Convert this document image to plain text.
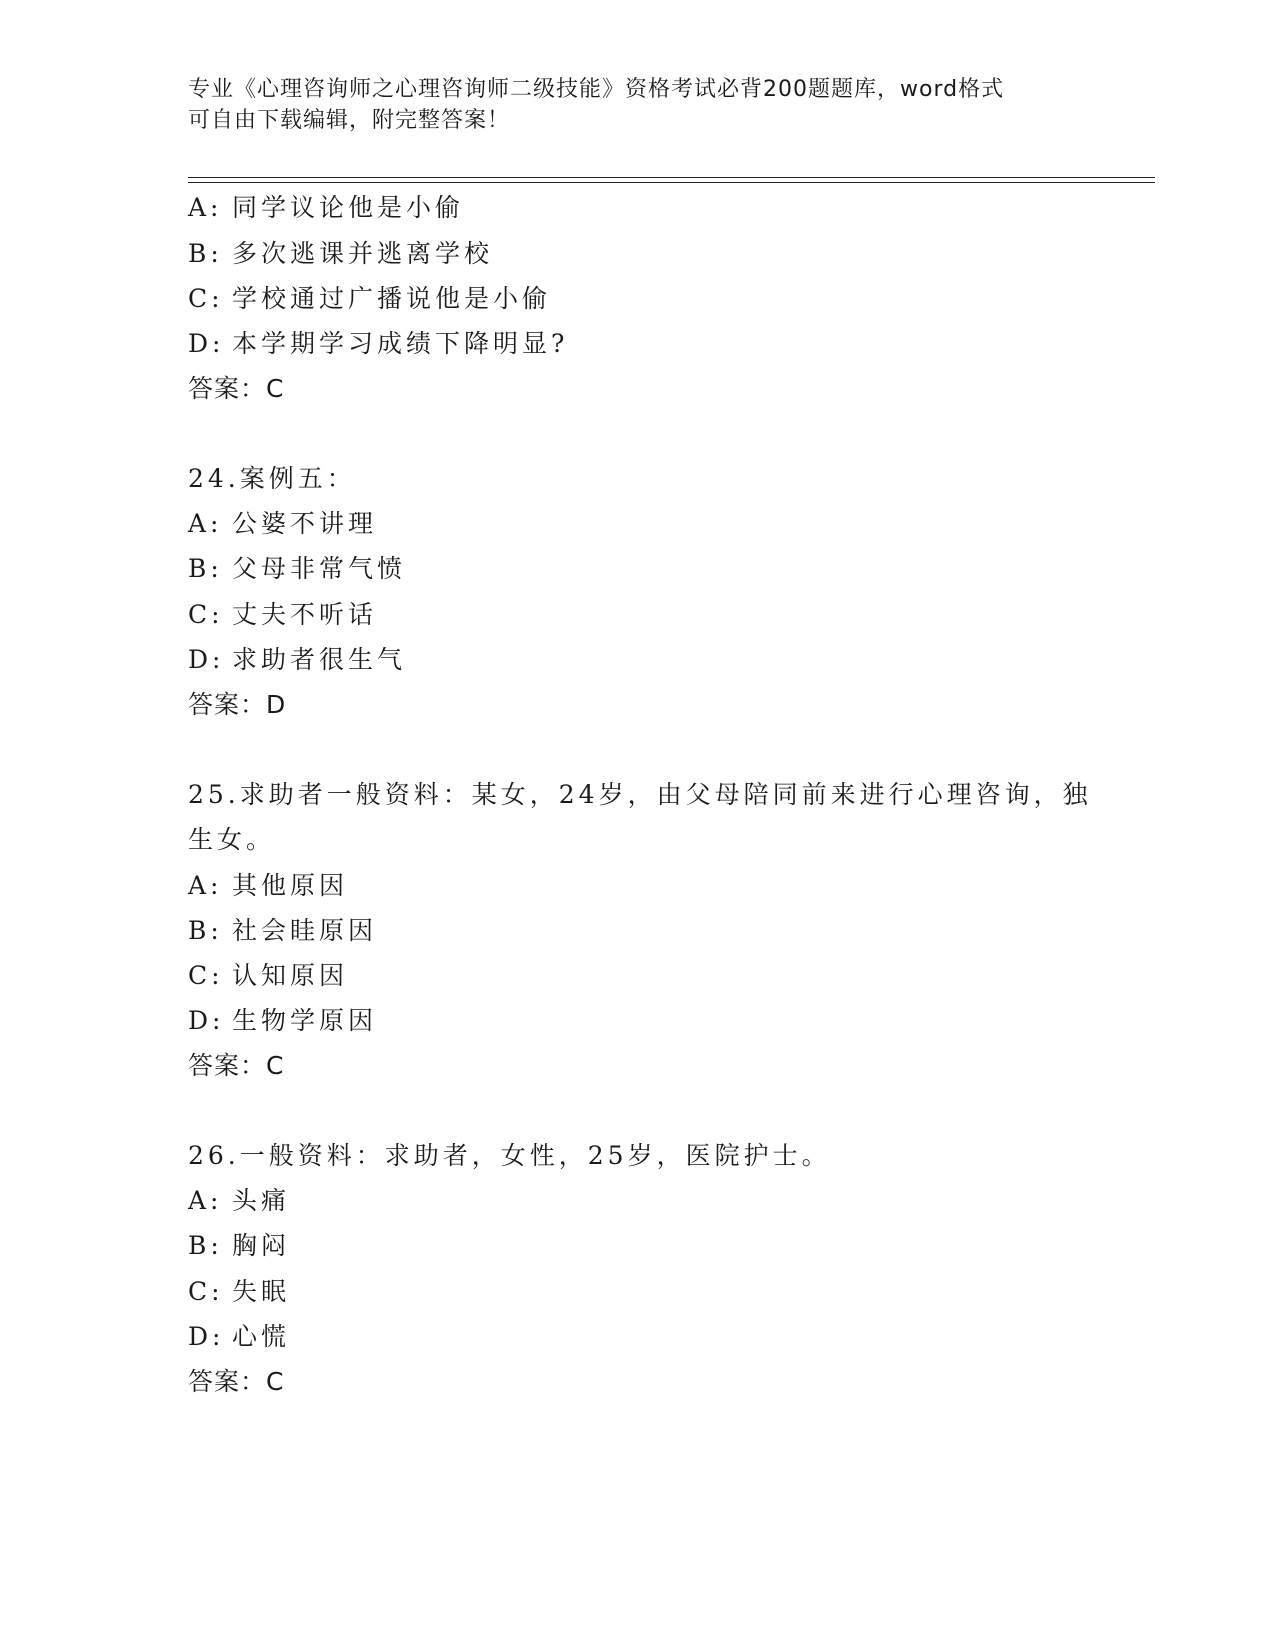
专业《心理咨询师之心理咨询师二级技能》资格考试必背200题题库，word格式
可自由下载编辑，附完整答案！
A: 同学议论他是小偷
B: 多次逃课并逃离学校
C: 学校通过广播说他是小偷
D: 本学期学习成绩下降明显?
答案：C
24.案例五：
A: 公婆不讲理
B: 父母非常气愤
C: 丈夫不听话
D: 求助者很生气
答案：D
25.求助者一般资料：某女，24岁，由父母陪同前来进行心理咨询，独
生女。
A: 其他原因
B: 社会眭原因
C: 认知原因
D: 生物学原因
答案：C
26.一般资料：求助者，女性，25岁，医院护士。
A: 头痛
B: 胸闷
C: 失眠
D: 心慌
答案：C
